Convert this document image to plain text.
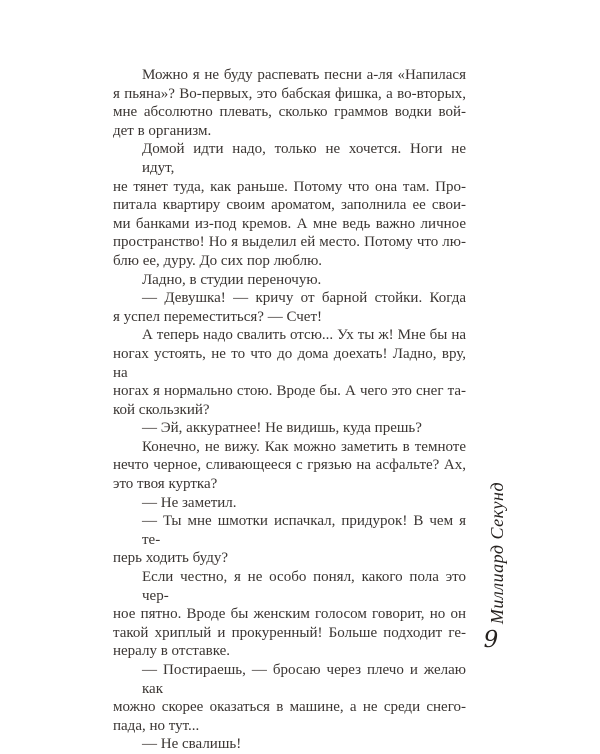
Можно я не буду распевать песни а-ля «Напилася
я пьяна»? Во-первых, это бабская фишка, а во-вторых,
мне абсолютно плевать, сколько граммов водки вой-
дет в организм.
Домой идти надо, только не хочется. Ноги не идут,
не тянет туда, как раньше. Потому что она там. Про-
питала квартиру своим ароматом, заполнила ее свои-
ми банками из-под кремов. А мне ведь важно личное
пространство! Но я выделил ей место. Потому что лю-
блю ее, дуру. До сих пор люблю.
Ладно, в студии переночую.
— Девушка! — кричу от барной стойки. Когда
я успел переместиться? — Счет!
А теперь надо свалить отсю... Ух ты ж! Мне бы на
ногах устоять, не то что до дома доехать! Ладно, вру, на
ногах я нормально стою. Вроде бы. А чего это снег та-
кой скользкий?
— Эй, аккуратнее! Не видишь, куда прешь?
Конечно, не вижу. Как можно заметить в темноте
нечто черное, сливающееся с грязью на асфальте? Ах,
это твоя куртка?
— Не заметил.
— Ты мне шмотки испачкал, придурок! В чем я те-
перь ходить буду?
Если честно, я не особо понял, какого пола это чер-
ное пятно. Вроде бы женским голосом говорит, но он
такой хриплый и прокуренный! Больше подходит ге-
нералу в отставке.
— Постираешь, — бросаю через плечо и желаю как
можно скорее оказаться в машине, а не среди снего-
пада, но тут...
— Не свалишь!
Миллиард Секунд
9
